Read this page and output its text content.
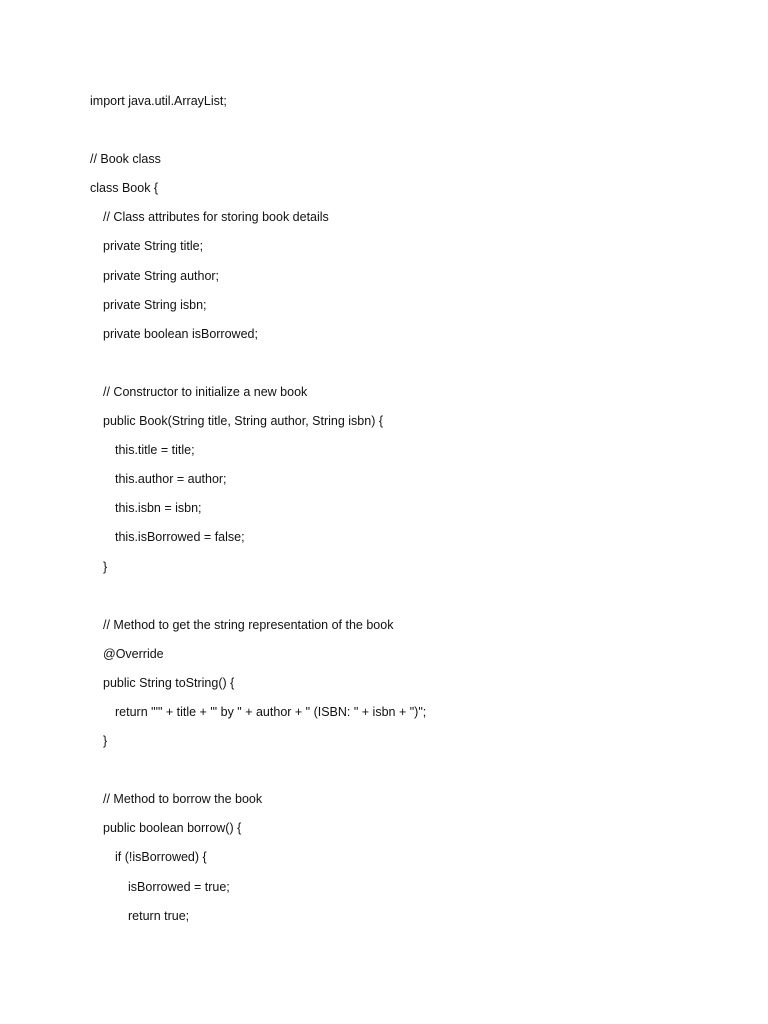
import java.util.ArrayList;
// Book class
class Book {
// Class attributes for storing book details
private String title;
private String author;
private String isbn;
private boolean isBorrowed;
// Constructor to initialize a new book
public Book(String title, String author, String isbn) {
this.title = title;
this.author = author;
this.isbn = isbn;
this.isBorrowed = false;
}
// Method to get the string representation of the book
@Override
public String toString() {
return "'" + title + "' by " + author + " (ISBN: " + isbn + ")";
}
// Method to borrow the book
public boolean borrow() {
if (!isBorrowed) {
isBorrowed = true;
return true;
